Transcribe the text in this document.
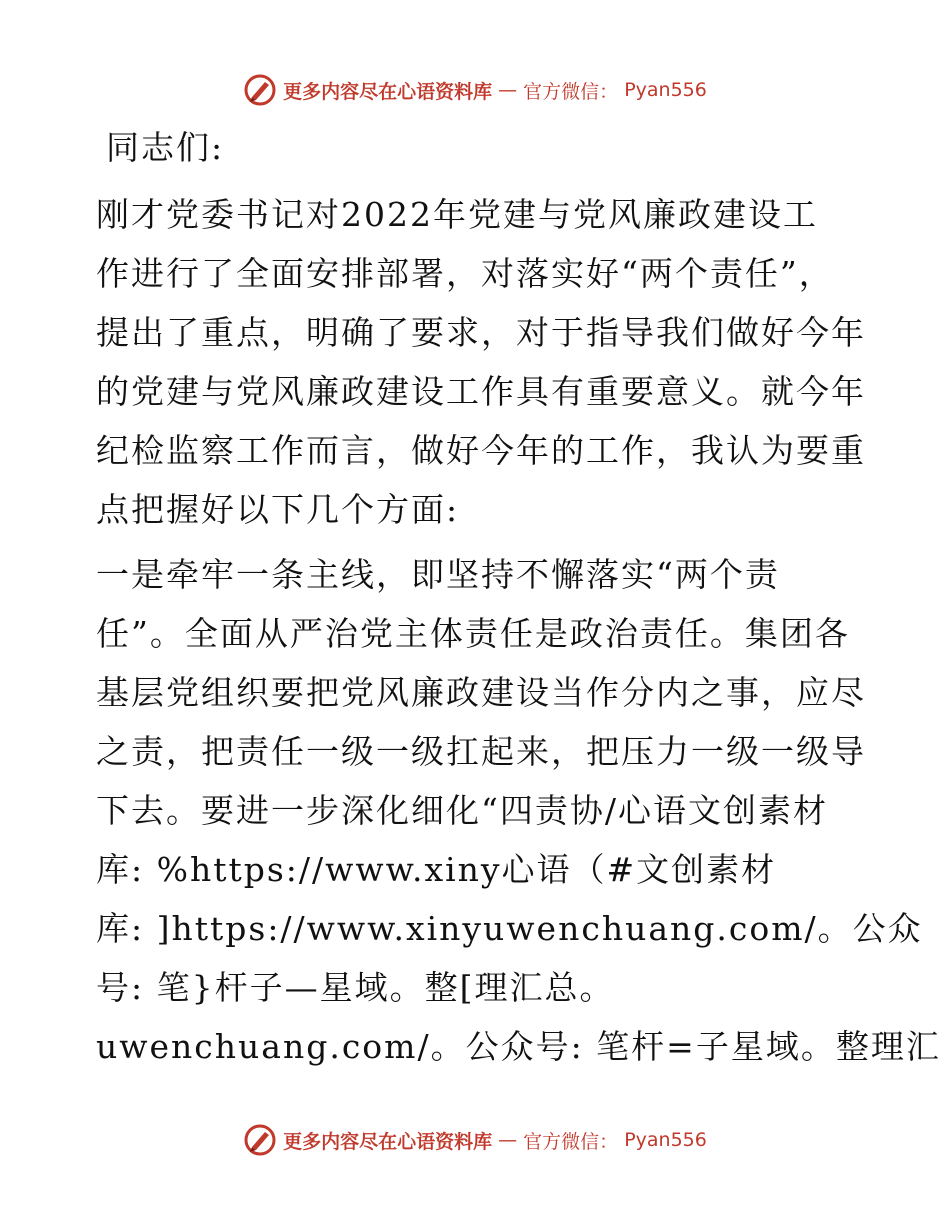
更多内容尽在心语资料库 — 官方微信： Pyan556
同志们:
刚才党委书记对2022年党建与党风廉政建设工
作进行了全面安排部署，对落实好“两个责任”，
提出了重点，明确了要求，对于指导我们做好今年
的党建与党风廉政建设工作具有重要意义。就今年
纪检监察工作而言，做好今年的工作，我认为要重
点把握好以下几个方面:
一是牵牢一条主线，即坚持不懈落实“两个责
任”。全面从严治党主体责任是政治责任。集团各
基层党组织要把党风廉政建设当作分内之事，应尽
之责，把责任一级一级扛起来，把压力一级一级导
下去。要进一步深化细化“四责协/心语文创素材
库: %https://www.xiny心语（#文创素材
库: ]https://www.xinyuwenchuang.com/。公众
号: 笔}杆子—星域。整[理汇总。
uwenchuang.com/。公众号: 笔杆=子星域。整理汇
更多内容尽在心语资料库 — 官方微信： Pyan556
